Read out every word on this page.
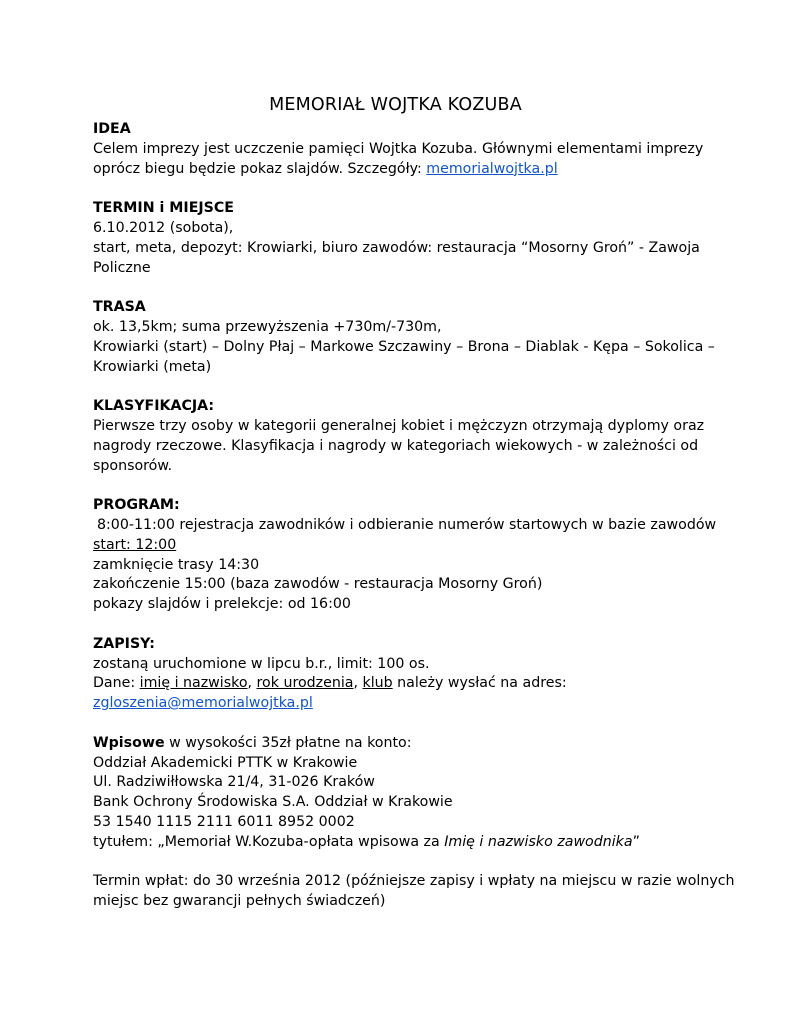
MEMORIAŁ WOJTKA KOZUBA
IDEA
Celem imprezy jest uczczenie pamięci Wojtka Kozuba. Głównymi elementami imprezy
oprócz biegu będzie pokaz slajdów. Szczegóły: memorialwojtka.pl
TERMIN i MIEJSCE
6.10.2012 (sobota),
start, meta, depozyt: Krowiarki, biuro zawodów: restauracja “Mosorny Groń” - Zawoja
Policzne
TRASA
ok. 13,5km; suma przewyższenia +730m/-730m,
Krowiarki (start) – Dolny Płaj – Markowe Szczawiny – Brona – Diablak - Kępa – Sokolica –
Krowiarki (meta)
KLASYFIKACJA:
Pierwsze trzy osoby w kategorii generalnej kobiet i mężczyzn otrzymają dyplomy oraz
nagrody rzeczowe. Klasyfikacja i nagrody w kategoriach wiekowych - w zależności od
sponsorów.
PROGRAM:
8:00-11:00 rejestracja zawodników i odbieranie numerów startowych w bazie zawodów
start: 12:00
zamknięcie trasy 14:30
zakończenie 15:00 (baza zawodów - restauracja Mosorny Groń)
pokazy slajdów i prelekcje: od 16:00
ZAPISY:
zostaną uruchomione w lipcu b.r., limit: 100 os.
Dane: imię i nazwisko, rok urodzenia, klub należy wysłać na adres:
zgloszenia@memorialwojtka.pl
Wpisowe w wysokości 35zł płatne na konto:
Oddział Akademicki PTTK w Krakowie
Ul. Radziwiłłowska 21/4, 31-026 Kraków
Bank Ochrony Środowiska S.A. Oddział w Krakowie
53 1540 1115 2111 6011 8952 0002
tytułem: „Memoriał W.Kozuba-opłata wpisowa za Imię i nazwisko zawodnika”
Termin wpłat: do 30 września 2012 (późniejsze zapisy i wpłaty na miejscu w razie wolnych
miejsc bez gwarancji pełnych świadczeń)
